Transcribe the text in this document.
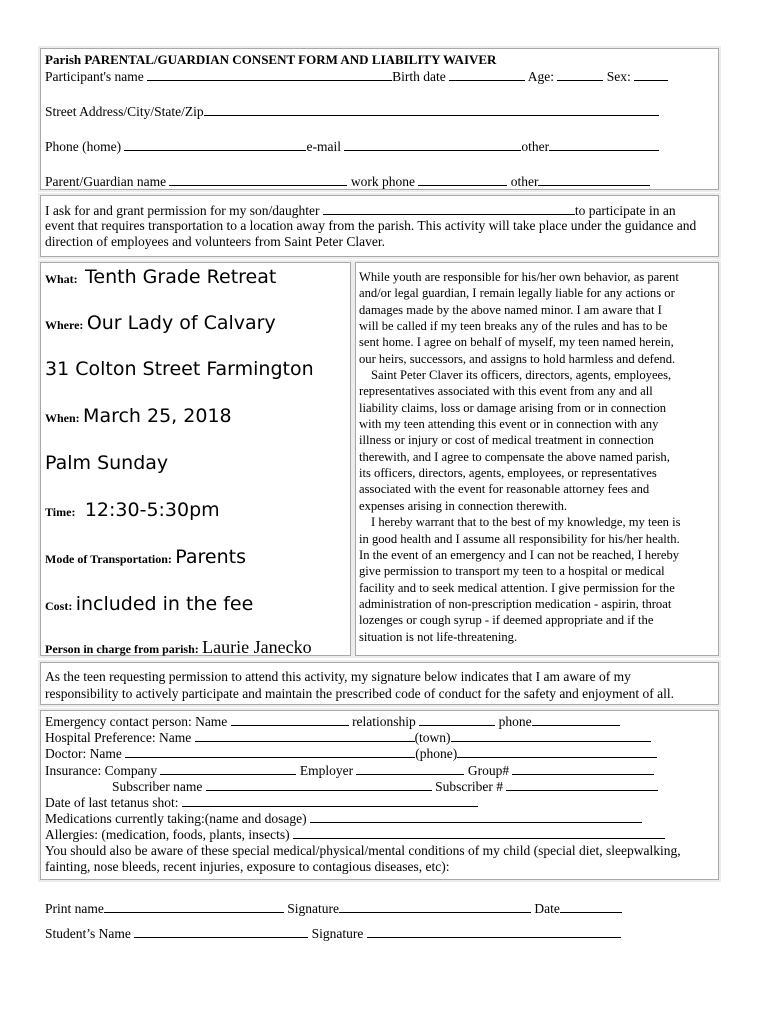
Parish PARENTAL/GUARDIAN CONSENT FORM AND LIABILITY WAIVER
Participant's name	Birth date	Age:	Sex:
Street Address/City/State/Zip
Phone (home)	e-mail	other
Parent/Guardian name	work phone	other
I ask for and grant permission for my son/daughter	to participate in an
event that requires transportation to a location away from the parish. This activity will take place under the guidance and
direction of employees and volunteers from Saint Peter Claver.
What: Tenth Grade Retreat
Where: Our Lady of Calvary
31 Colton Street Farmington
When: March 25, 2018
Palm Sunday
Time: 12:30-5:30pm
Mode of Transportation: Parents
Cost: included in the fee
Person in charge from parish: Laurie Janecko
While youth are responsible for his/her own behavior, as parent
and/or legal guardian, I remain legally liable for any actions or
damages made by the above named minor. I am aware that I
will be called if my teen breaks any of the rules and has to be
sent home. I agree on behalf of myself, my teen named herein,
our heirs, successors, and assigns to hold harmless and defend.
Saint Peter Claver its officers, directors, agents, employees,
representatives associated with this event from any and all
liability claims, loss or damage arising from or in connection
with my teen attending this event or in connection with any
illness or injury or cost of medical treatment in connection
therewith, and I agree to compensate the above named parish,
its officers, directors, agents, employees, or representatives
associated with the event for reasonable attorney fees and
expenses arising in connection therewith.
I hereby warrant that to the best of my knowledge, my teen is
in good health and I assume all responsibility for his/her health.
In the event of an emergency and I can not be reached, I hereby
give permission to transport my teen to a hospital or medical
facility and to seek medical attention. I give permission for the
administration of non-prescription medication - aspirin, throat
lozenges or cough syrup - if deemed appropriate and if the
situation is not life-threatening.
As the teen requesting permission to attend this activity, my signature below indicates that I am aware of my
responsibility to actively participate and maintain the prescribed code of conduct for the safety and enjoyment of all.
Emergency contact person: Name	relationship	phone
Hospital Preference: Name	(town)
Doctor: Name	(phone)
Insurance: Company	Employer	Group#
Subscriber name	Subscriber #
Date of last tetanus shot:
Medications currently taking:(name and dosage)
Allergies: (medication, foods, plants, insects)
You should also be aware of these special medical/physical/mental conditions of my child (special diet, sleepwalking,
fainting, nose bleeds, recent injuries, exposure to contagious diseases, etc):
Print name	Signature	Date
Student’s Name	Signature
